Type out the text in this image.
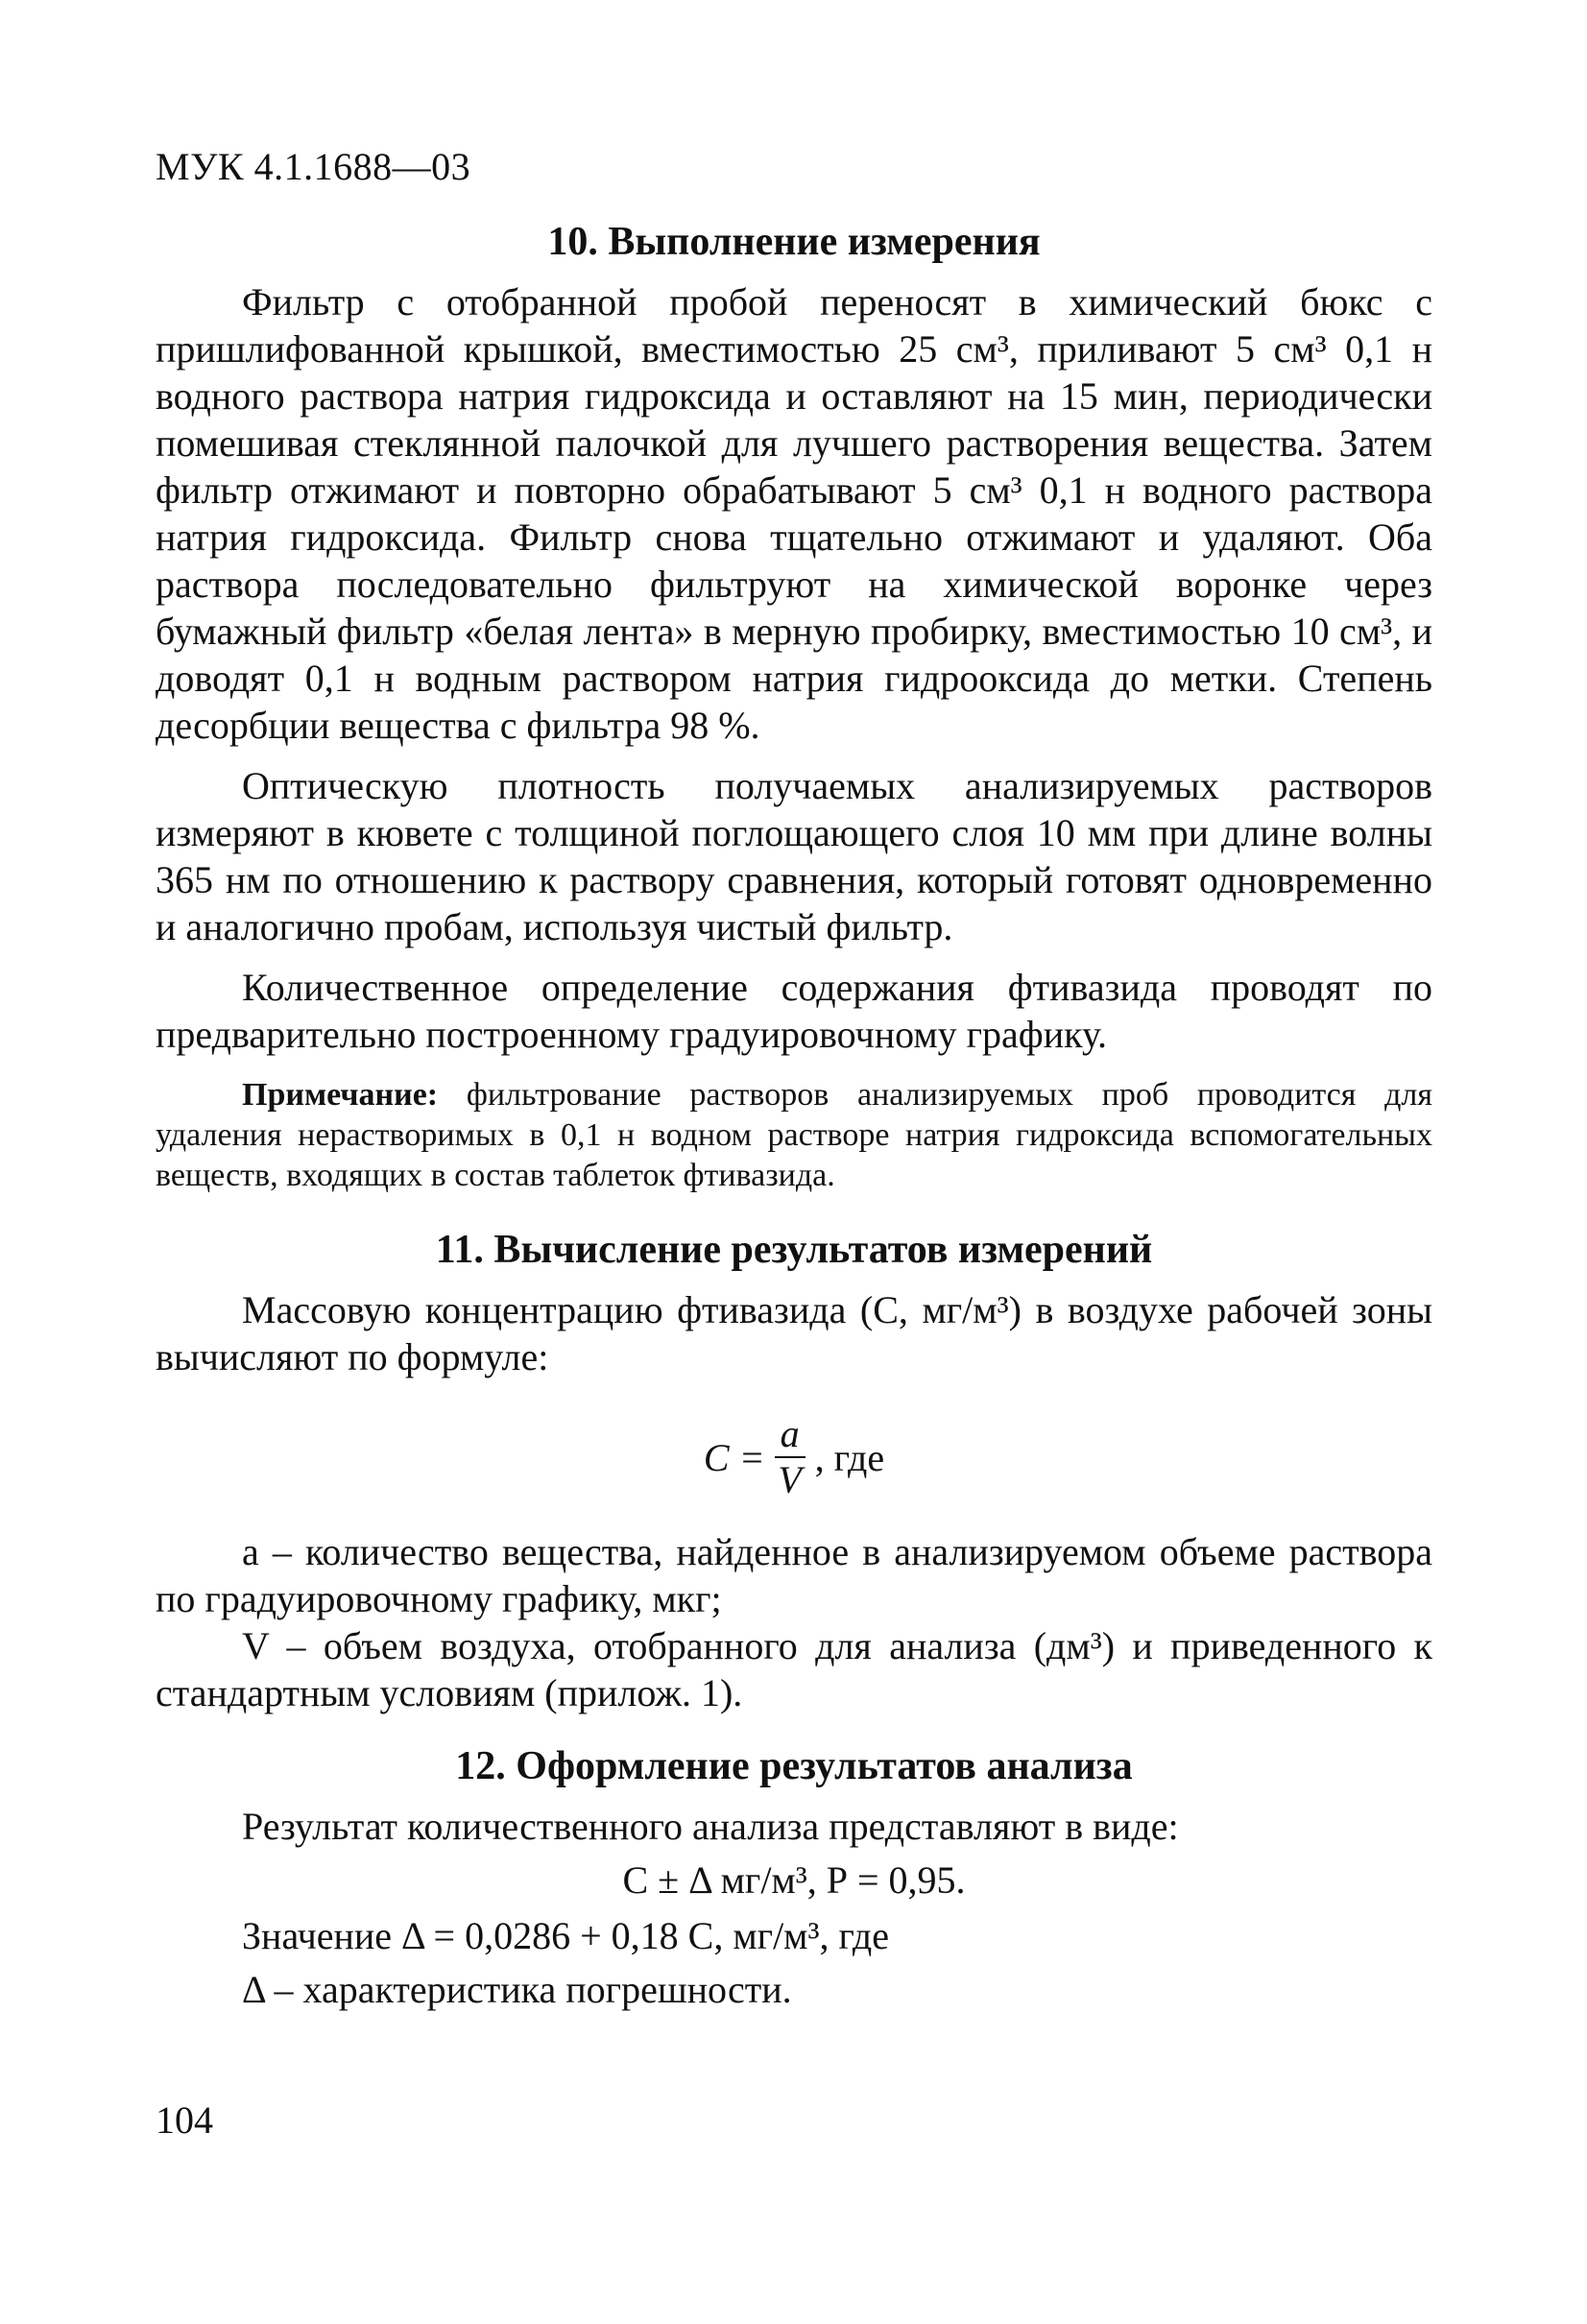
МУК 4.1.1688—03
10. Выполнение измерения

Фильтр с отобранной пробой переносят в химический бюкс с пришлифованной крышкой, вместимостью 25 см³, приливают 5 см³ 0,1 н водного раствора натрия гидроксида и оставляют на 15 мин, периодически помешивая стеклянной палочкой для лучшего растворения вещества. Затем фильтр отжимают и повторно обрабатывают 5 см³ 0,1 н водного раствора натрия гидроксида. Фильтр снова тщательно отжимают и удаляют. Оба раствора последовательно фильтруют на химической воронке через бумажный фильтр «белая лента» в мерную пробирку, вместимостью 10 см³, и доводят 0,1 н водным раствором натрия гидрооксида до метки. Степень десорбции вещества с фильтра 98 %.

Оптическую плотность получаемых анализируемых растворов измеряют в кювете с толщиной поглощающего слоя 10 мм при длине волны 365 нм по отношению к раствору сравнения, который готовят одновременно и аналогично пробам, используя чистый фильтр.

Количественное определение содержания фтивазида проводят по предварительно построенному градуировочному графику.

Примечание: фильтрование растворов анализируемых проб проводится для удаления нерастворимых в 0,1 н водном растворе натрия гидроксида вспомогательных веществ, входящих в состав таблеток фтивазида.
11. Вычисление результатов измерений

Массовую концентрацию фтивазида (С, мг/м³) в воздухе рабочей зоны вычисляют по формуле:

$С = \frac{а}{V}$ , где

а – количество вещества, найденное в анализируемом объеме раствора по градуировочному графику, мкг;

V – объем воздуха, отобранного для анализа (дм³) и приведенного к стандартным условиям (прилож. 1).

12. Оформление результатов анализа

Результат количественного анализа представляют в виде:

С ± Δ мг/м³, Р = 0,95.
Значение Δ = 0,0286 + 0,18 С, мг/м³, где
Δ – характеристика погрешности.
104
